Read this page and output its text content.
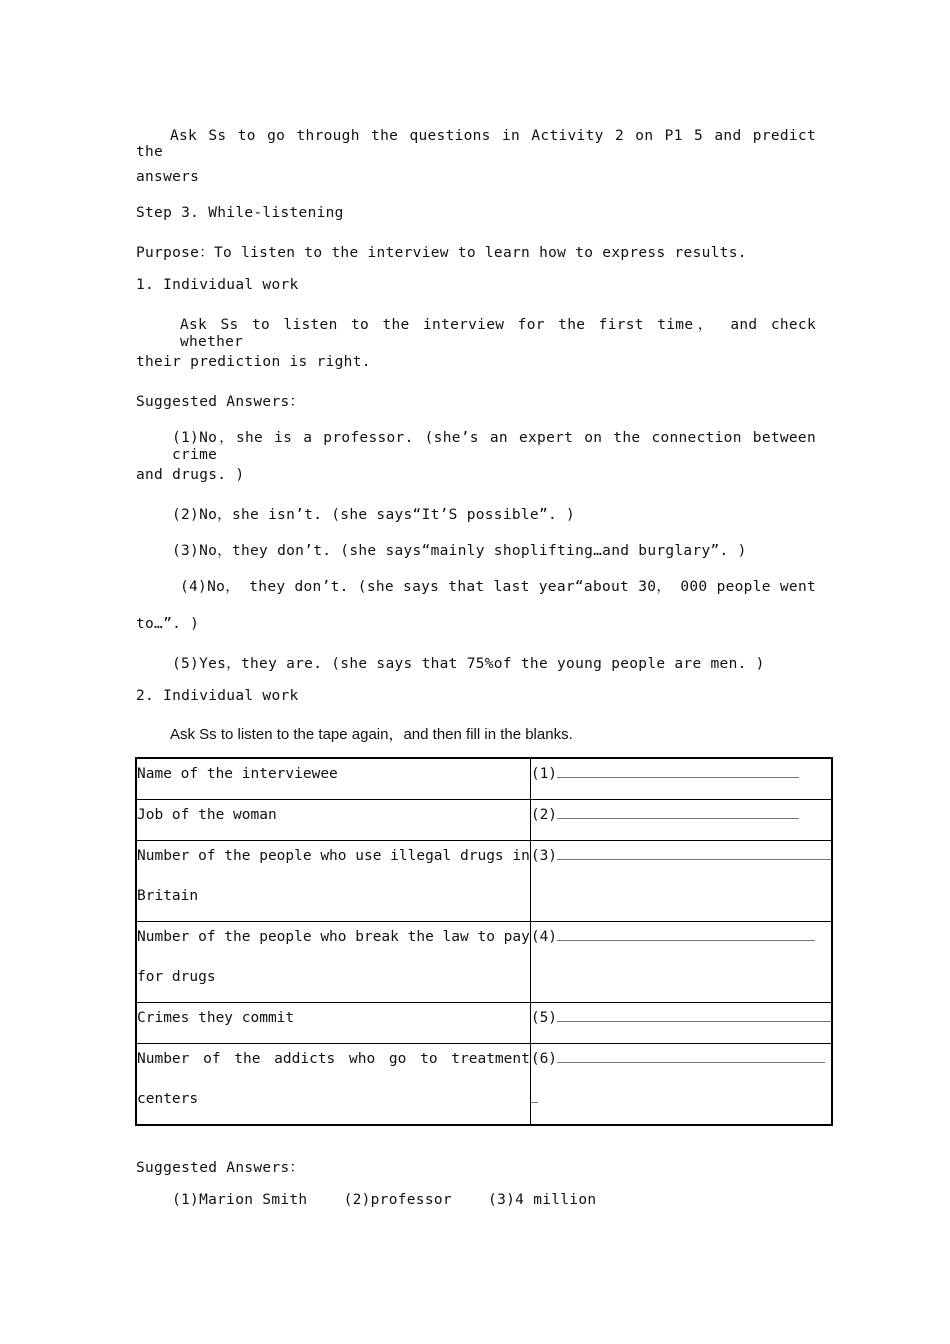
Ask Ss to go through the questions in Activity 2 on P1 5 and predict the
answers
Step 3. While-listening
Purpose：To listen to the interview to learn how to express results.
1. Individual work
Ask Ss to listen to the interview for the first time， and check whether
their prediction is right.
Suggested Answers：
(1)No，she is a professor. (she’s an expert on the connection between crime
and drugs. )
(2)No，she isn’t. (she says“It’S possible”. )
(3)No，they don’t. (she says“mainly shoplifting…and burglary”. )
(4)No， they don’t. (she says that last year“about 30， 000 people went
to…”. )
(5)Yes，they are. (she says that 75%of the young people are men. )
2. Individual work
Ask Ss to listen to the tape again，and then fill in the blanks.
Name of the interviewee	(1)

Job of the woman	(2)

Number of the people who use illegal drugs in
Britain	(3)

Number of the people who break the law to pay
for drugs	(4)

Crimes they commit	(5)

Number of the addicts who go to treatment
centers	(6)
Suggested Answers：
(1)Marion Smith    (2)professor    (3)4 million
